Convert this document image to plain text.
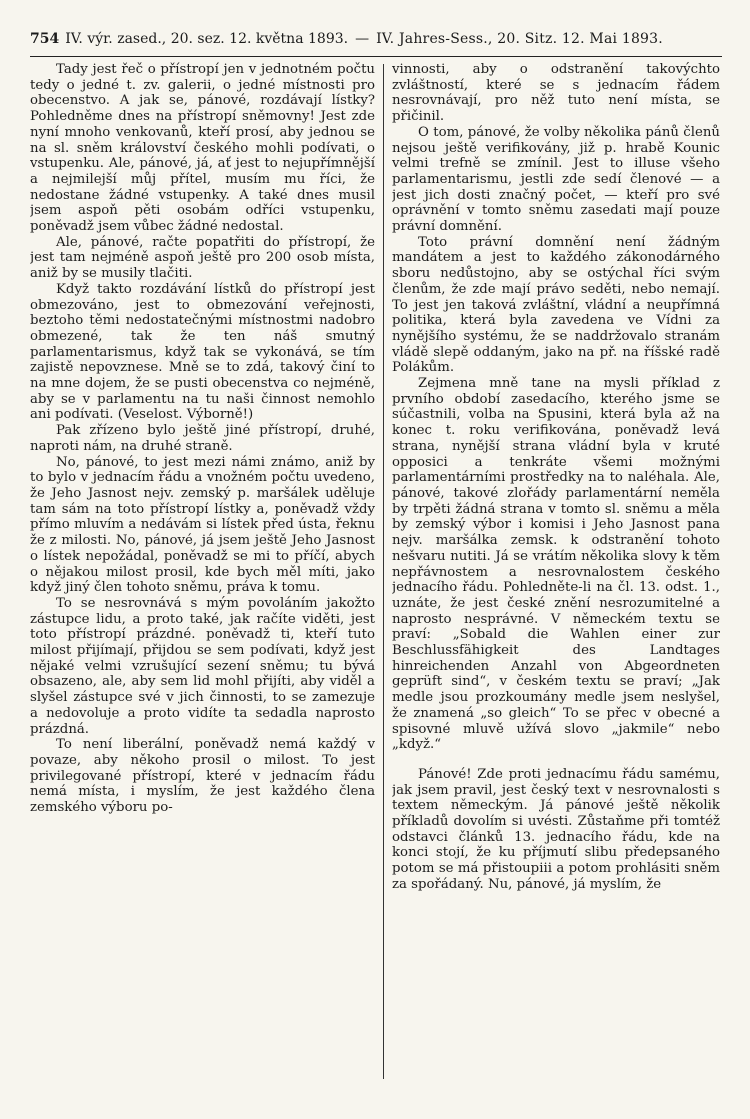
754 IV. výr. zased., 20. sez. 12. května 1893. — IV. Jahres-Sess., 20. Sitz. 12. Mai 1893.

Tady jest řeč o přístropí jen v jednotném počtu tedy o jedné t. zv. galerii, o jedné místnosti pro obecenstvo. A jak se, pánové, rozdávají lístky? Pohledněme dnes na přístropí sněmovny! Jest zde nyní mnoho venkovanů, kteří prosí, aby jednou se na sl. sněm království českého mohli podívati, o vstupenku. Ale, pánové, já, ať jest to nejupřímnější a nejmilejší můj přítel, musím mu říci, že nedostane žádné vstupenky. A také dnes musil jsem aspoň pěti osobám odříci vstupenku, poněvadž jsem vůbec žádné nedostal.

Ale, pánové, račte popatřiti do přístropí, že jest tam nejméně aspoň ještě pro 200 osob místa, aniž by se musily tlačiti.

Když takto rozdávání lístků do přístropí jest obmezováno, jest to obmezování veřejnosti, beztoho těmi nedostatečnými místnostmi nadobro obmezené, tak že ten náš smutný parlamentarismus, když tak se vykonává, se tím zajistě nepovznese. Mně se to zdá, takový činí to na mne dojem, že se pusti obecenstva co nejméně, aby se v parlamentu na tu naši činnost nemohlo ani podívati. (Veselost. Výborně!)

Pak zřízeno bylo ještě jiné přístropí, druhé, naproti nám, na druhé straně.

No, pánové, to jest mezi námi známo, aniž by to bylo v jednacím řádu a vnožném počtu uvedeno, že Jeho Jasnost nejv. zemský p. maršálek uděluje tam sám na toto přístropí lístky a, poněvadž vždy přímo mluvím a nedávám si lístek před ústa, řeknu že z milosti. No, pánové, já jsem ještě Jeho Jasnost o lístek nepožádal, poněvadž se mi to příčí, abych o nějakou milost prosil, kde bych měl míti, jako když jiný člen tohoto sněmu, práva k tomu.

To se nesrovnává s mým povoláním jakožto zástupce lidu, a proto také, jak račíte viděti, jest toto přístropí prázdné. poněvadž ti, kteří tuto milost přijímají, přijdou se sem podívati, když jest nějaké velmi vzrušující sezení sněmu; tu bývá obsazeno, ale, aby sem lid mohl přijíti, aby viděl a slyšel zástupce své v jich činnosti, to se zamezuje a nedovoluje a proto vidíte ta sedadla naprosto prázdná.

To není liberální, poněvadž nemá každý v povaze, aby někoho prosil o milost. To jest privilegované přístropí, které v jednacím řádu nemá místa, i myslím, že jest každého člena zemského výboru po-

vinnosti, aby o odstranění takovýchto zvláštností, které se s jednacím řádem nesrovnávají, pro něž tuto není místa, se přičinil.

O tom, pánové, že volby několika pánů členů nejsou ještě verifikovány, již p. hrabě Kounic velmi trefně se zmínil. Jest to illuse všeho parlamentarismu, jestli zde sedí členové — a jest jich dosti značný počet, — kteří pro své oprávnění v tomto sněmu zasedati mají pouze právní domnění.

Toto právní domnění není žádným mandátem a jest to každého zákonodárného sboru nedůstojno, aby se ostýchal říci svým členům, že zde mají právo seděti, nebo nemají. To jest jen taková zvláštní, vládní a neupřímná politika, která byla zavedena ve Vídni za nynějšího systému, že se naddržovalo stranám vládě slepě oddaným, jako na př. na říšské radě Polákům.

Zejmena mně tane na mysli příklad z prvního období zasedacího, kterého jsme se súčastnili, volba na Spusini, která byla až na konec t. roku verifikována, poněvadž levá strana, nynější strana vládní byla v kruté opposici a tenkráte všemi možnými parlamentárními prostředky na to naléhala. Ale, pánové, takové zlořády parlamentární neměla by trpěti žádná strana v tomto sl. sněmu a měla by zemský výbor i komisi i Jeho Jasnost pana nejv. maršálka zemsk. k odstranění tohoto nešvaru nutiti. Já se vrátím několika slovy k těm nepřávnostem a nesrovnalostem českého jednacího řádu. Pohledněte-li na čl. 13. odst. 1., uznáte, že jest české znění nesrozumitelné a naprosto nesprávné. V německém textu se praví: „Sobald die Wahlen einer zur Beschlussfähigkeit des Landtages hinreichenden Anzahl von Abgeordneten geprüft sind“, v českém textu se praví; „Jak medle jsou prozkoumány medle jsem neslyšel, že znamená „so gleich“ To se přec v obecné a spisovné mluvě užívá slovo „jakmile“ nebo „když.“

Pánové! Zde proti jednacímu řádu samému, jak jsem pravil, jest český text v nesrovnalosti s textem německým. Já pánové ještě několik příkladů dovolím si uvésti. Zůstaňme při tomtéž odstavci článků 13. jednacího řádu, kde na konci stojí, že ku příjmutí slibu předepsaného potom se má přistoupiii a potom prohlásiti sněm za spořádaný. Nu, pánové, já myslím, že
